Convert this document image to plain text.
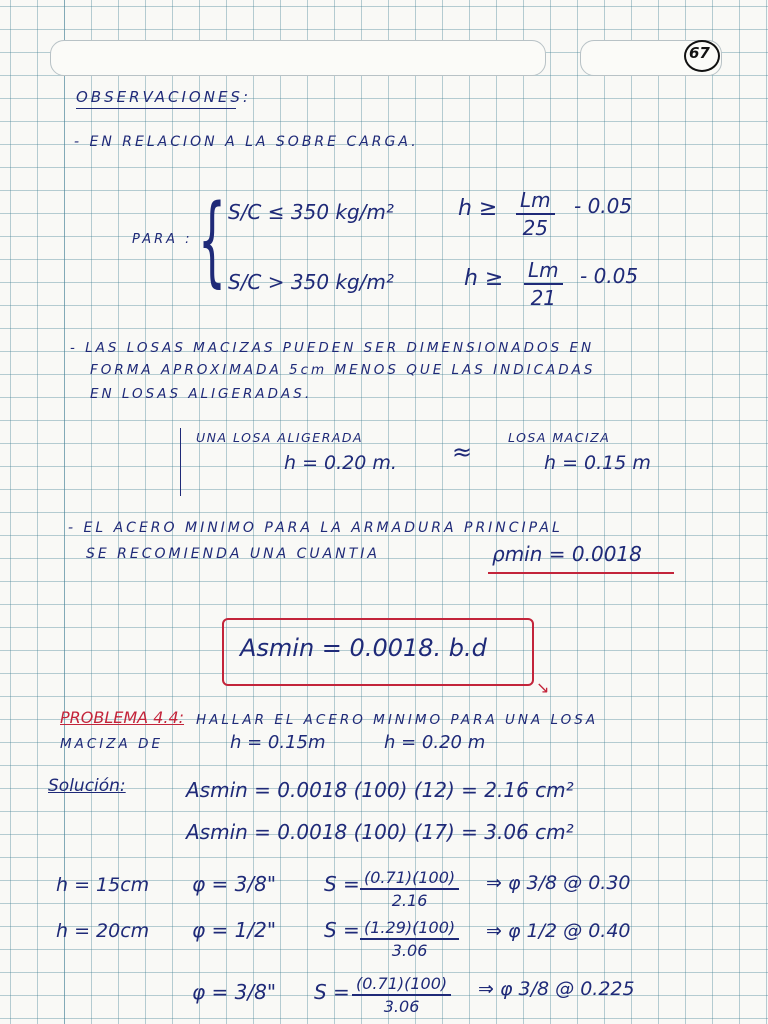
67
OBSERVACIONES:
- EN RELACION A LA SOBRE CARGA.
PARA : { S/C ≤ 350 kg/m²	$h \ge \frac{Lm}{25} - 0.05$
S/C > 350 kg/m²	$h \ge \frac{Lm}{21} - 0.05$
- LAS LOSAS MACIZAS PUEDEN SER DIMENSIONADOS EN
FORMA APROXIMADA 5cm MENOS QUE LAS INDICADAS
EN LOSAS ALIGERADAS.
UNA LOSA ALIGERADA
h = 0.20 m. ≈
LOSA MACIZA
h = 0.15 m
- EL ACERO MINIMO PARA LA ARMADURA PRINCIPAL
SE RECOMIENDA UNA CUANTIA	ρmin = 0.0018
Asmin = 0.0018. b.d
↘
PROBLEMA 4.4: HALLAR EL ACERO MINIMO PARA UNA LOSA
MACIZA DE	h = 0.15m	h = 0.20 m
Solución:	Asmin = 0.0018 (100) (12) = 2.16 cm²
Asmin = 0.0018 (100) (17) = 3.06 cm²
h = 15cm φ = 3/8" $S = \frac{(0.71)(100)}{2.16}$ ⇒ φ 3/8 @ 0.30
h = 20cm φ = 1/2" $S = \frac{(1.29)(100)}{3.06}$ ⇒ φ 1/2 @ 0.40
φ = 3/8" $S = \frac{(0.71)(100)}{3.06}$ ⇒ φ 3/8 @ 0.225
